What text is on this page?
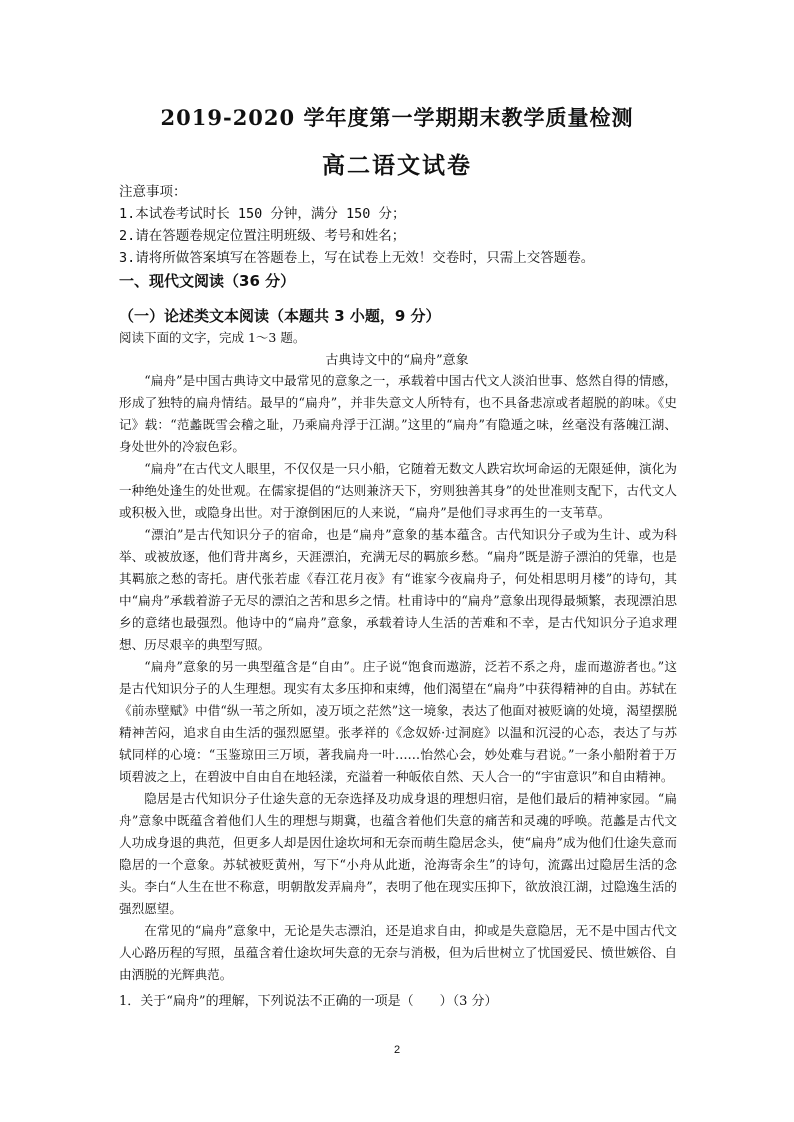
2019-2020 学年度第一学期期末教学质量检测
高二语文试卷
注意事项：
1.本试卷考试时长 150 分钟，满分 150 分；
2.请在答题卷规定位置注明班级、考号和姓名；
3.请将所做答案填写在答题卷上，写在试卷上无效！交卷时，只需上交答题卷。
一、现代文阅读（36 分）
（一）论述类文本阅读（本题共 3 小题，9 分）
阅读下面的文字，完成 1～3 题。
古典诗文中的“扁舟”意象

“扁舟”是中国古典诗文中最常见的意象之一，承载着中国古代文人淡泊世事、悠然自得的情感，形成了独特的扁舟情结。最早的“扁舟”，并非失意文人所特有，也不具备悲凉或者超脱的韵味。《史记》载：“范蠡既雪会稽之耻，乃乘扁舟浮于江湖。”这里的“扁舟”有隐遁之味，丝毫没有落魄江湖、身处世外的冷寂色彩。

“扁舟”在古代文人眼里，不仅仅是一只小船，它随着无数文人跌宕坎坷命运的无限延伸，演化为一种绝处逢生的处世观。在儒家提倡的“达则兼济天下，穷则独善其身”的处世准则支配下，古代文人或积极入世，或隐身出世。对于潦倒困厄的人来说，“扁舟”是他们寻求再生的一支苇草。

“漂泊”是古代知识分子的宿命，也是“扁舟”意象的基本蕴含。古代知识分子或为生计、或为科举、或被放逐，他们背井离乡，天涯漂泊，充满无尽的羁旅乡愁。“扁舟”既是游子漂泊的凭靠，也是其羁旅之愁的寄托。唐代张若虚《春江花月夜》有“谁家今夜扁舟子，何处相思明月楼”的诗句，其中“扁舟”承载着游子无尽的漂泊之苦和思乡之情。杜甫诗中的“扁舟”意象出现得最频繁，表现漂泊思乡的意绪也最强烈。他诗中的“扁舟”意象，承载着诗人生活的苦难和不幸，是古代知识分子追求理想、历尽艰辛的典型写照。

“扁舟”意象的另一典型蕴含是“自由”。庄子说“饱食而遨游，泛若不系之舟，虚而遨游者也。”这是古代知识分子的人生理想。现实有太多压抑和束缚，他们渴望在“扁舟”中获得精神的自由。苏轼在《前赤壁赋》中借“纵一苇之所如，凌万顷之茫然”这一境象，表达了他面对被贬谪的处境，渴望摆脱精神苦闷，追求自由生活的强烈愿望。张孝祥的《念奴娇·过洞庭》以温和沉浸的心态，表达了与苏轼同样的心境：“玉鉴琼田三万顷，著我扁舟一叶……怡然心会，妙处难与君说。”一条小船附着于万顷碧波之上，在碧波中自由自在地轻漾，充溢着一种皈依自然、天人合一的“宇宙意识”和自由精神。

隐居是古代知识分子仕途失意的无奈选择及功成身退的理想归宿，是他们最后的精神家园。“扁舟”意象中既蕴含着他们人生的理想与期冀，也蕴含着他们失意的痛苦和灵魂的呼唤。范蠡是古代文人功成身退的典范，但更多人却是因仕途坎坷和无奈而萌生隐居念头，使“扁舟”成为他们仕途失意而隐居的一个意象。苏轼被贬黄州，写下“小舟从此逝，沧海寄余生”的诗句，流露出过隐居生活的念头。李白“人生在世不称意，明朝散发弄扁舟”，表明了他在现实压抑下，欲放浪江湖，过隐逸生活的强烈愿望。

在常见的“扁舟”意象中，无论是失志漂泊，还是追求自由，抑或是失意隐居，无不是中国古代文人心路历程的写照，虽蕴含着仕途坎坷失意的无奈与消极，但为后世树立了忧国爱民、愤世嫉俗、自由洒脱的光辉典范。

1．关于“扁舟”的理解，下列说法不正确的一项是（　　）（3 分）
2
